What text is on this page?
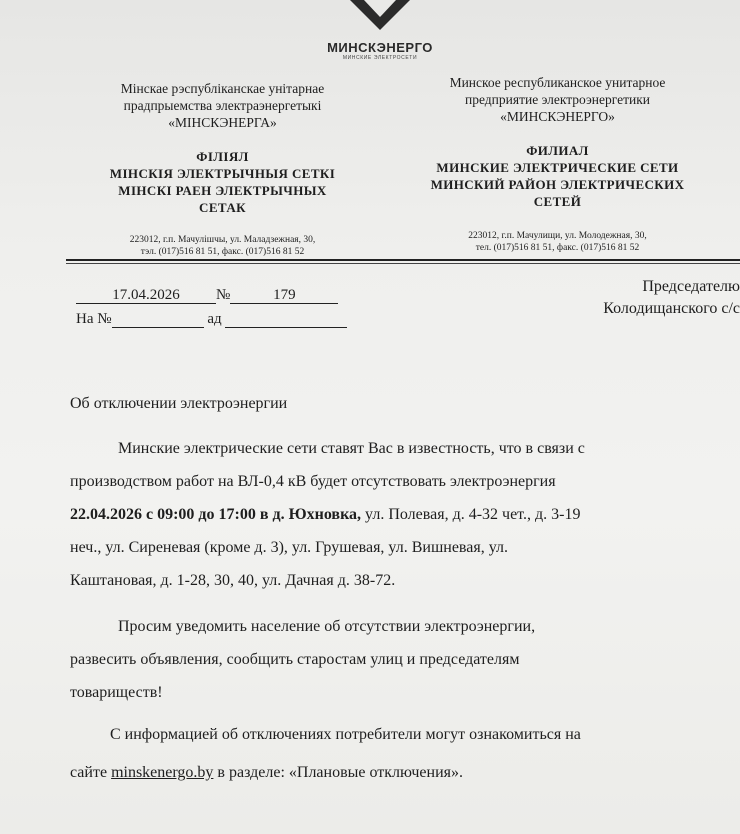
МИНСКЭНЕРГО
МИНСКИЕ ЭЛЕКТРОСЕТИ
Мінскае рэспубліканскае унітарнае
прадпрыемства электраэнергетыкі
«МІНСКЭНЕРГА»
ФІЛІЯЛ
МІНСКІЯ ЭЛЕКТРЫЧНЫЯ СЕТКІ
МІНСКІ РАЕН ЭЛЕКТРЫЧНЫХ
СЕТАК
223012, г.п. Мачулішчы, ул. Маладзежная, 30,
тэл. (017)516 81 51, факс. (017)516 81 52
Минское республиканское унитарное
предприятие электроэнергетики
«МИНСКЭНЕРГО»
ФИЛИАЛ
МИНСКИЕ ЭЛЕКТРИЧЕСКИЕ СЕТИ
МИНСКИЙ РАЙОН ЭЛЕКТРИЧЕСКИХ
СЕТЕЙ
223012, г.п. Мачулищи, ул. Молодежная, 30,
тел. (017)516 81 51, факс. (017)516 81 52
17.04.2026 №	179
На №	ад
Председателю
Колодищанского с/с
Об отключении электроэнергии
Минские электрические сети ставят Вас в известность, что в связи с
производством работ на ВЛ-0,4 кВ будет отсутствовать электроэнергия
22.04.2026 с 09:00 до 17:00 в д. Юхновка, ул. Полевая, д. 4-32 чет., д. 3-19
неч., ул. Сиреневая (кроме д. 3), ул. Грушевая, ул. Вишневая, ул.
Каштановая, д. 1-28, 30, 40, ул. Дачная д. 38-72.
Просим уведомить население об отсутствии электроэнергии,
развесить объявления, сообщить старостам улиц и председателям
товариществ!
С информацией об отключениях потребители могут ознакомиться на
сайте minskenergo.by в разделе: «Плановые отключения».
